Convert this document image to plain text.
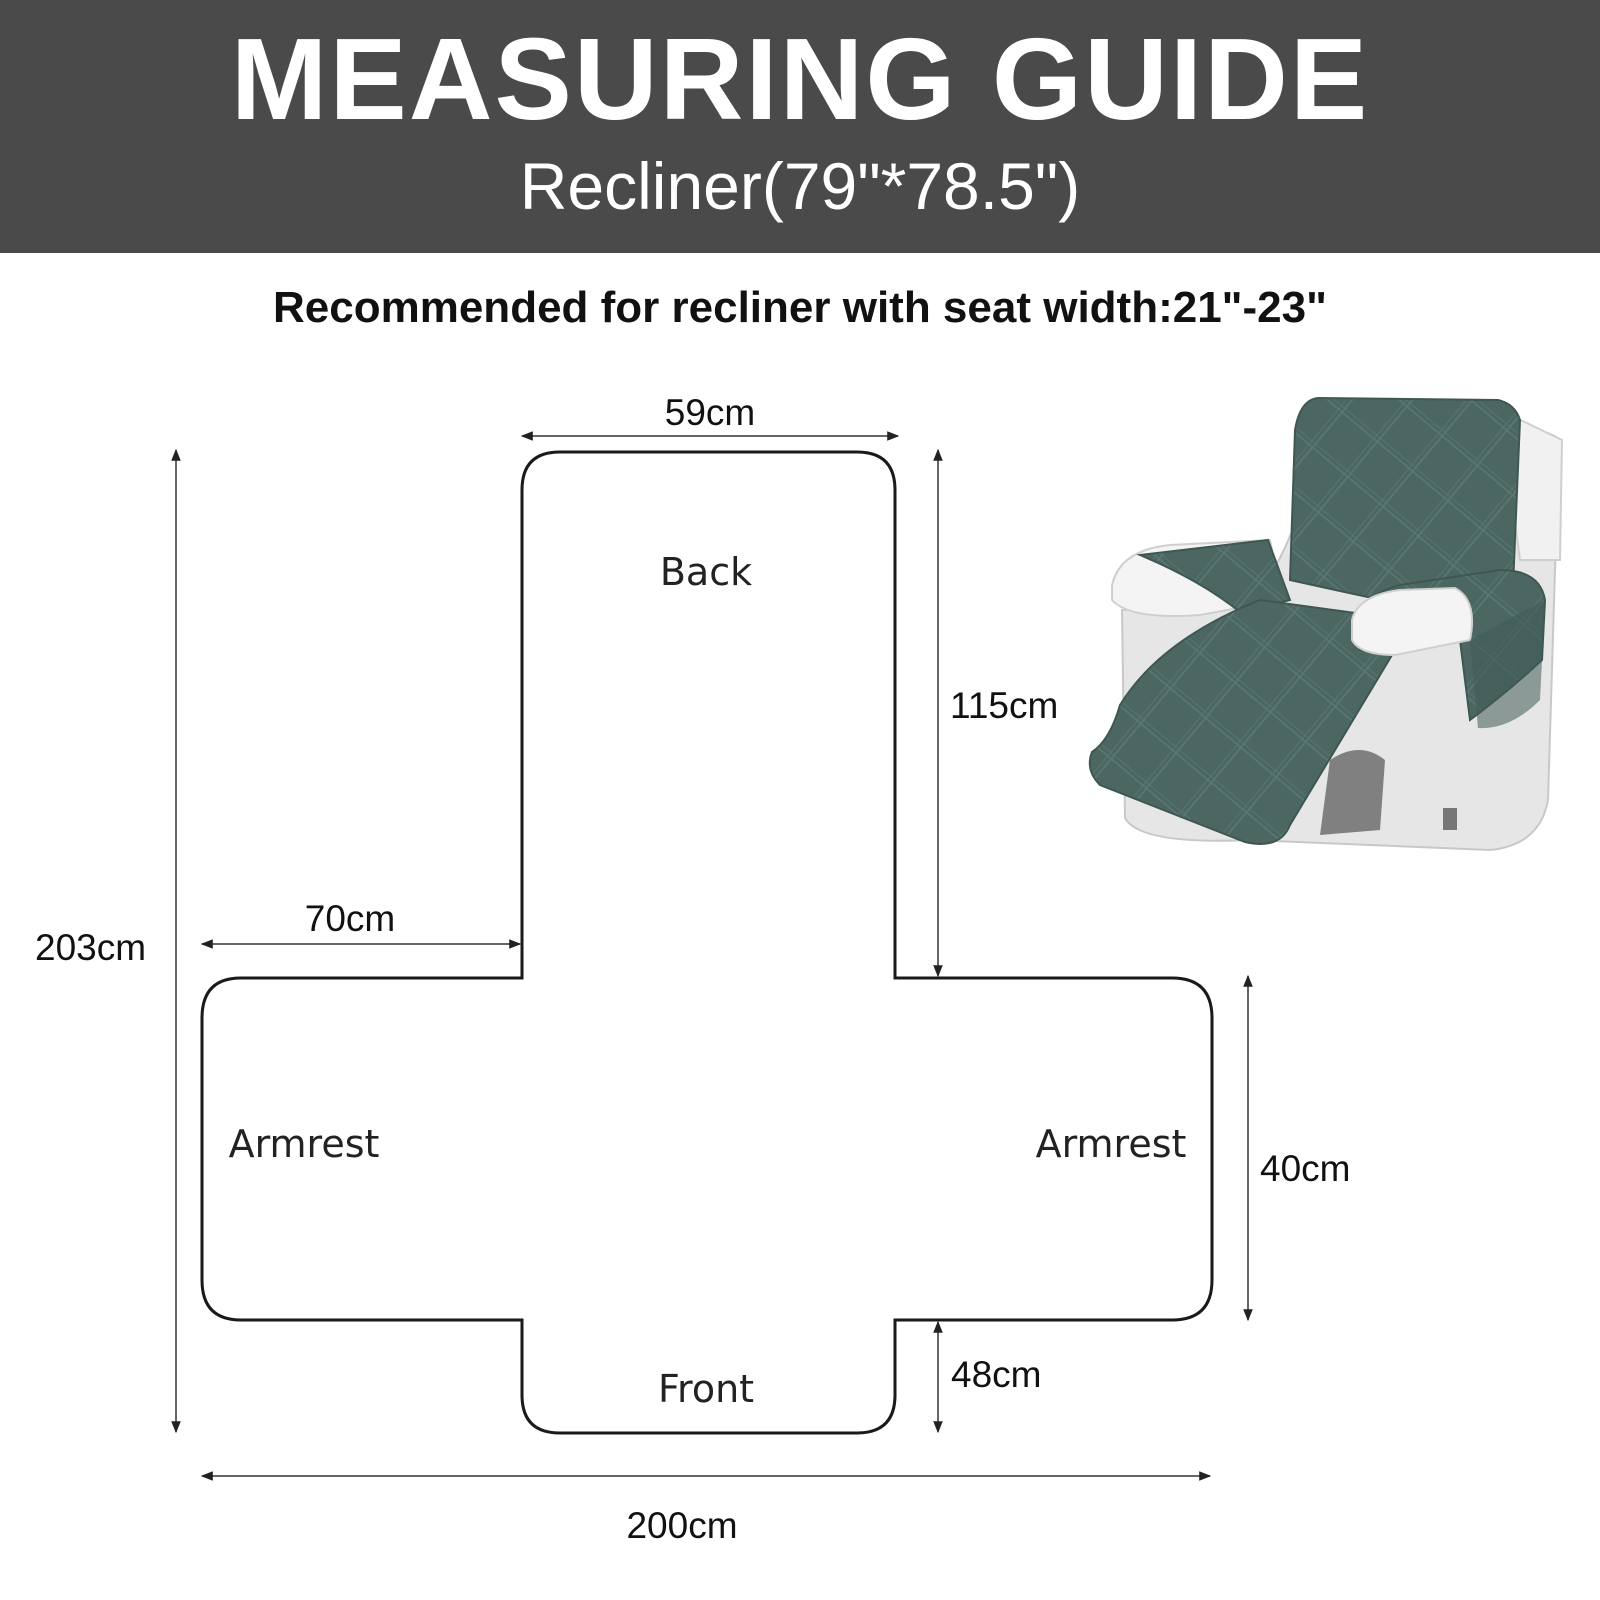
MEASURING GUIDE
Recliner(79"*78.5")
Recommended for recliner with seat width:21"-23"
59cm
115cm
203cm
70cm
40cm
48cm
200cm
Back
Armrest	Armrest
Front
